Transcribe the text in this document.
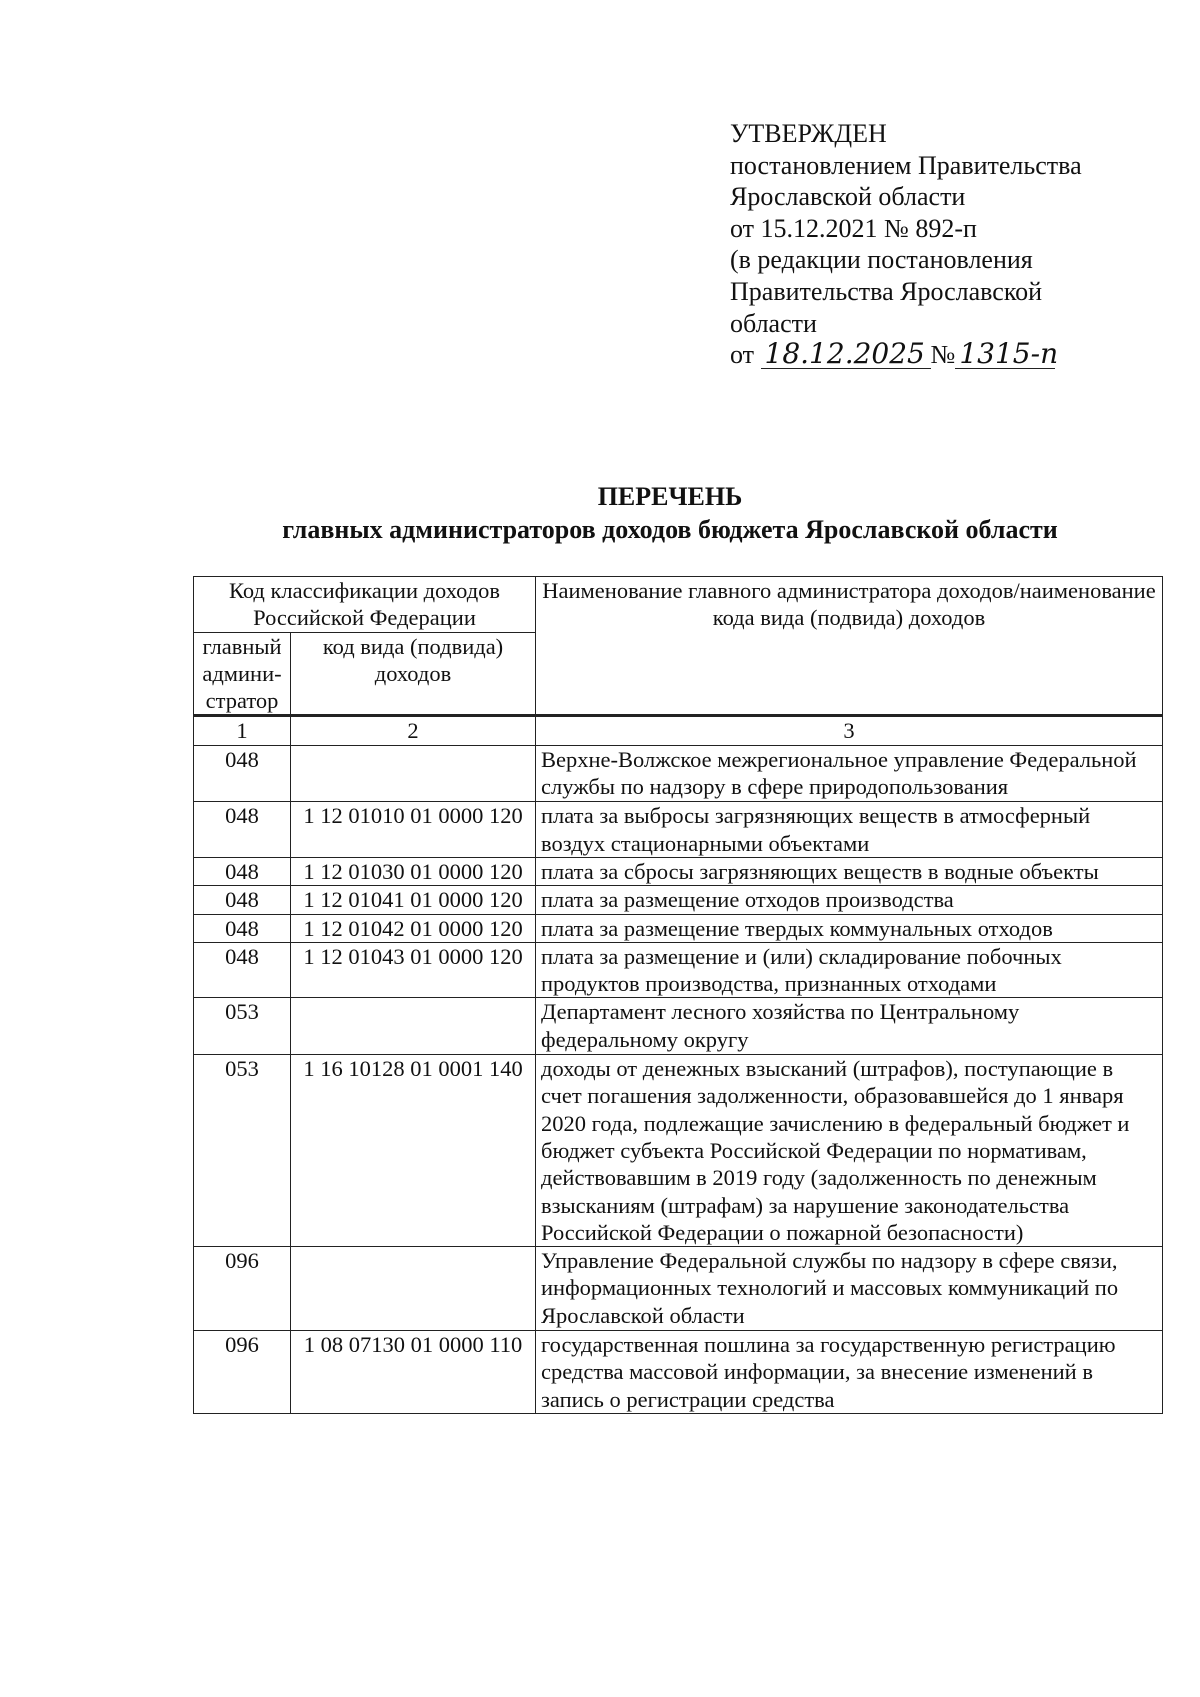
УТВЕРЖДЕН
постановлением Правительства
Ярославской области
от 15.12.2021 № 892-п
(в редакции постановления
Правительства Ярославской
области
от 18.12.2025 № 1315-п
ПЕРЕЧЕНЬ
главных администраторов доходов бюджета Ярославской области
Код классификации доходов Российской Федерации		Наименование главного администратора доходов/наименование кода вида (подвида) доходов
главный админи-стратор	код вида (подвида) доходов	
1	2	3
048		Верхне-Волжское межрегиональное управление Федеральной службы по надзору в сфере природопользования
048	1 12 01010 01 0000 120	плата за выбросы загрязняющих веществ в атмосферный воздух стационарными объектами
048	1 12 01030 01 0000 120	плата за сбросы загрязняющих веществ в водные объекты
048	1 12 01041 01 0000 120	плата за размещение отходов производства
048	1 12 01042 01 0000 120	плата за размещение твердых коммунальных отходов
048	1 12 01043 01 0000 120	плата за размещение и (или) складирование побочных продуктов производства, признанных отходами
053		Департамент лесного хозяйства по Центральному федеральному округу
053	1 16 10128 01 0001 140	доходы от денежных взысканий (штрафов), поступающие в счет погашения задолженности, образовавшейся до 1 января 2020 года, подлежащие зачислению в федеральный бюджет и бюджет субъекта Российской Федерации по нормативам, действовавшим в 2019 году (задолженность по денежным взысканиям (штрафам) за нарушение законодательства Российской Федерации о пожарной безопасности)
096		Управление Федеральной службы по надзору в сфере связи, информационных технологий и массовых коммуникаций по Ярославской области
096	1 08 07130 01 0000 110	государственная пошлина за государственную регистрацию средства массовой информации, за внесение изменений в запись о регистрации средства
